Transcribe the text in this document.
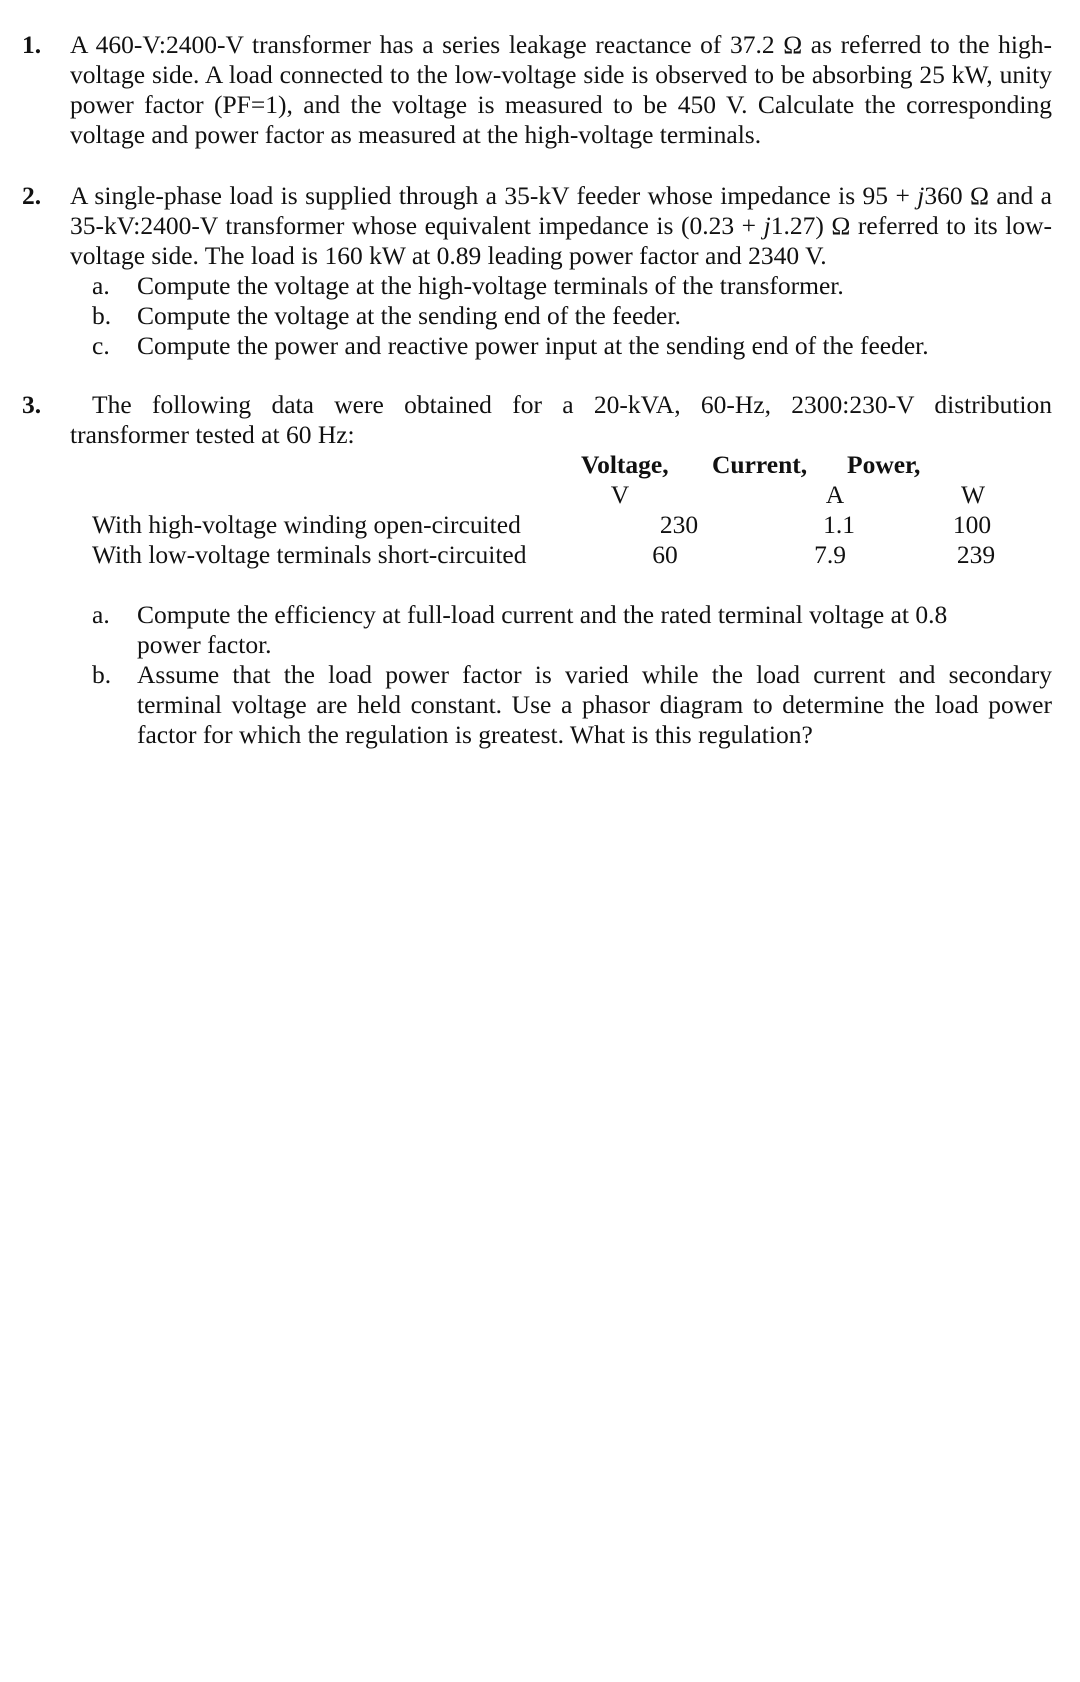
1. A 460-V:2400-V transformer has a series leakage reactance of 37.2 Ω as referred to the high-voltage side. A load connected to the low-voltage side is observed to be absorbing 25 kW, unity power factor (PF=1), and the voltage is measured to be 450 V. Calculate the corresponding voltage and power factor as measured at the high-voltage terminals.
2. A single-phase load is supplied through a 35-kV feeder whose impedance is 95 + j360 Ω and a 35-kV:2400-V transformer whose equivalent impedance is (0.23 + j1.27) Ω referred to its low-voltage side. The load is 160 kW at 0.89 leading power factor and 2340 V.
a. Compute the voltage at the high-voltage terminals of the transformer.
b. Compute the voltage at the sending end of the feeder.
c. Compute the power and reactive power input at the sending end of the feeder.
3. The following data were obtained for a 20-kVA, 60-Hz, 2300:230-V distribution
transformer tested at 60 Hz:
Voltage, Current, Power,
V	A	W
With high-voltage winding open-circuited	230	1.1	100
With low-voltage terminals short-circuited	60	7.9	239
a. Compute the efficiency at full-load current and the rated terminal voltage at 0.8 power factor.
b. Assume that the load power factor is varied while the load current and secondary terminal voltage are held constant. Use a phasor diagram to determine the load power factor for which the regulation is greatest. What is this regulation?
